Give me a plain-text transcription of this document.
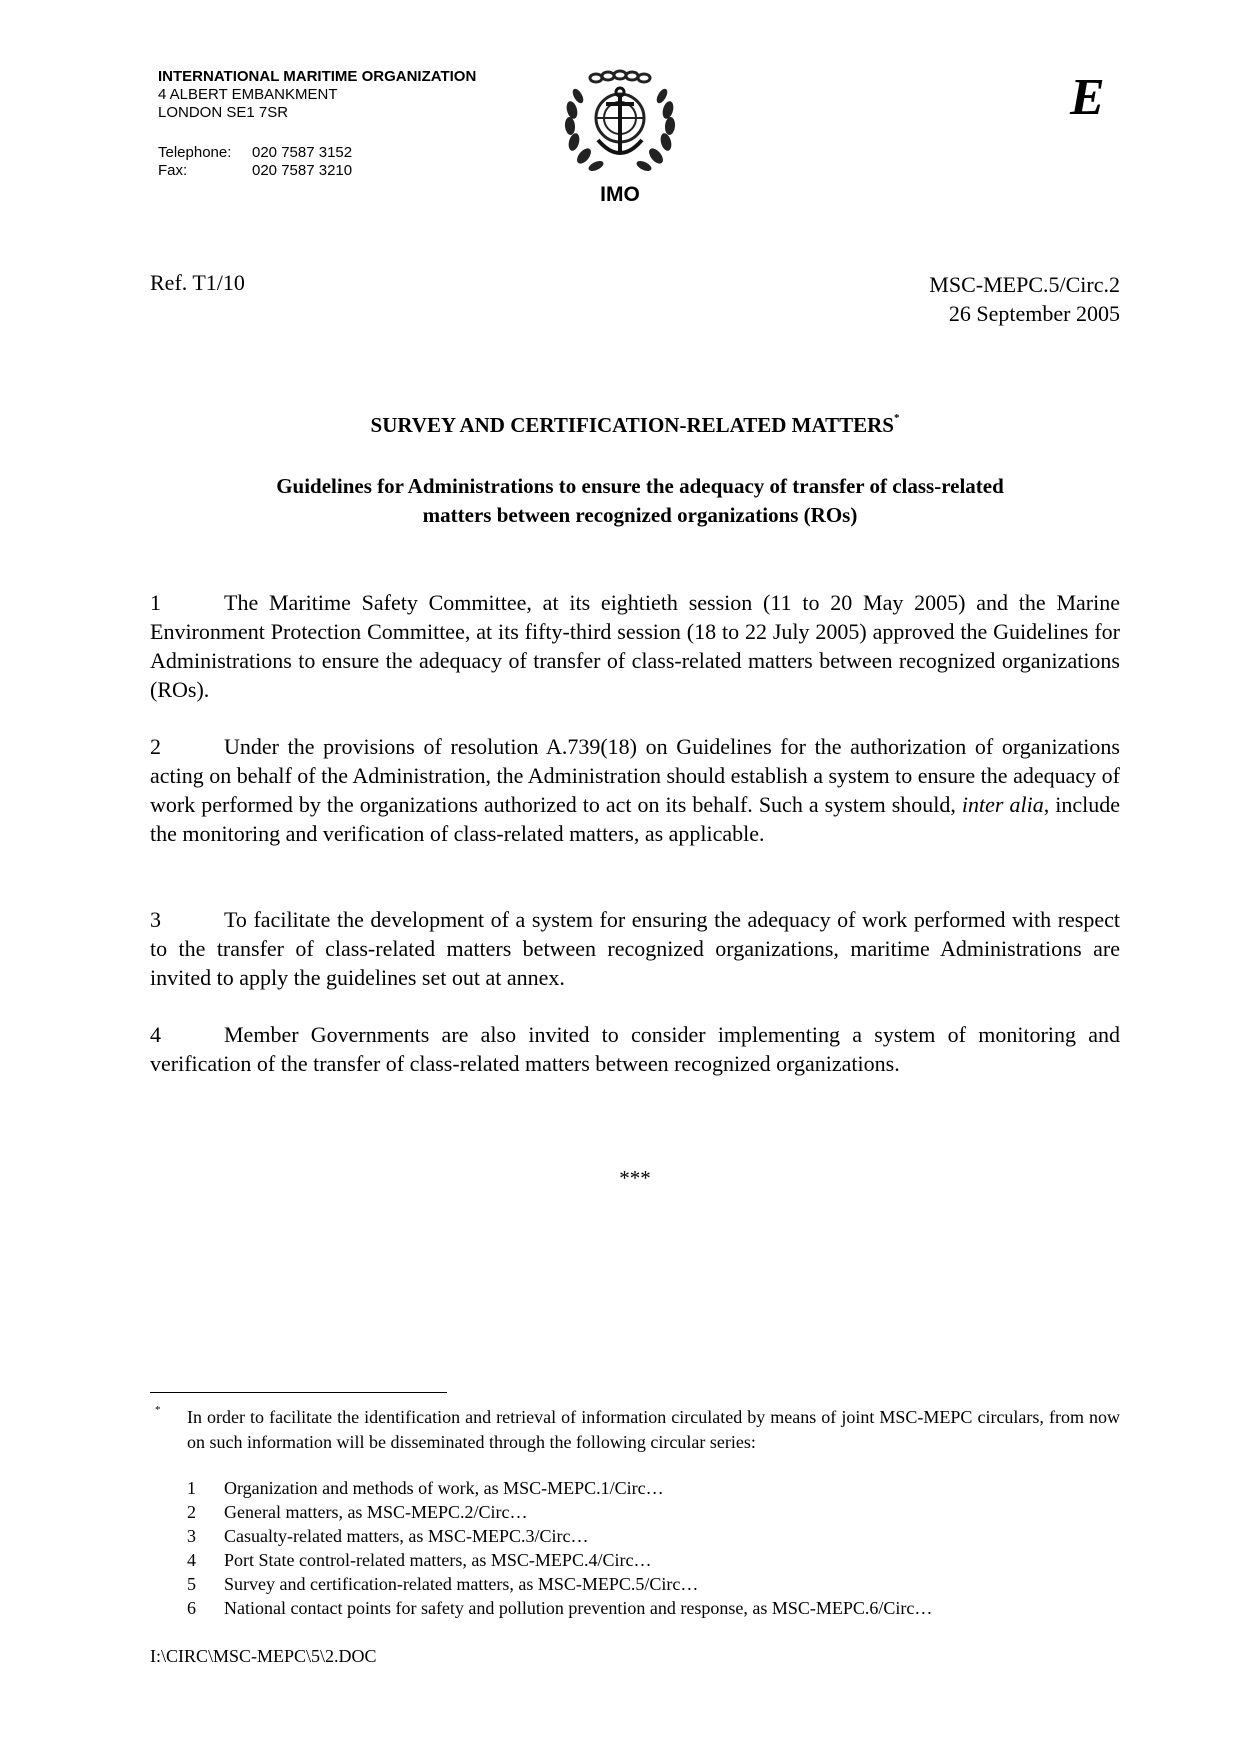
INTERNATIONAL MARITIME ORGANIZATION
4 ALBERT EMBANKMENT
LONDON SE1 7SR
Telephone: 020 7587 3152
Fax:	020 7587 3210
IMO
E
Ref. T1/10	MSC-MEPC.5/Circ.2
26 September 2005
SURVEY AND CERTIFICATION-RELATED MATTERS*
Guidelines for Administrations to ensure the adequacy of transfer of class-related
matters between recognized organizations (ROs)
1	The Maritime Safety Committee, at its eightieth session (11 to 20 May 2005) and the Marine Environment Protection Committee, at its fifty-third session (18 to 22 July 2005) approved the Guidelines for Administrations to ensure the adequacy of transfer of class-related matters between recognized organizations (ROs).
2	Under the provisions of resolution A.739(18) on Guidelines for the authorization of organizations acting on behalf of the Administration, the Administration should establish a system to ensure the adequacy of work performed by the organizations authorized to act on its behalf. Such a system should, inter alia, include the monitoring and verification of class-related matters, as applicable.
3	To facilitate the development of a system for ensuring the adequacy of work performed with respect to the transfer of class-related matters between recognized organizations, maritime Administrations are invited to apply the guidelines set out at annex.
4	Member Governments are also invited to consider implementing a system of monitoring and verification of the transfer of class-related matters between recognized organizations.
***
* In order to facilitate the identification and retrieval of information circulated by means of joint MSC-MEPC circulars, from now on such information will be disseminated through the following circular series:
1 Organization and methods of work, as MSC-MEPC.1/Circ…
2 General matters, as MSC-MEPC.2/Circ…
3 Casualty-related matters, as MSC-MEPC.3/Circ…
4 Port State control-related matters, as MSC-MEPC.4/Circ…
5 Survey and certification-related matters, as MSC-MEPC.5/Circ…
6 National contact points for safety and pollution prevention and response, as MSC-MEPC.6/Circ…
I:\CIRC\MSC-MEPC\5\2.DOC
